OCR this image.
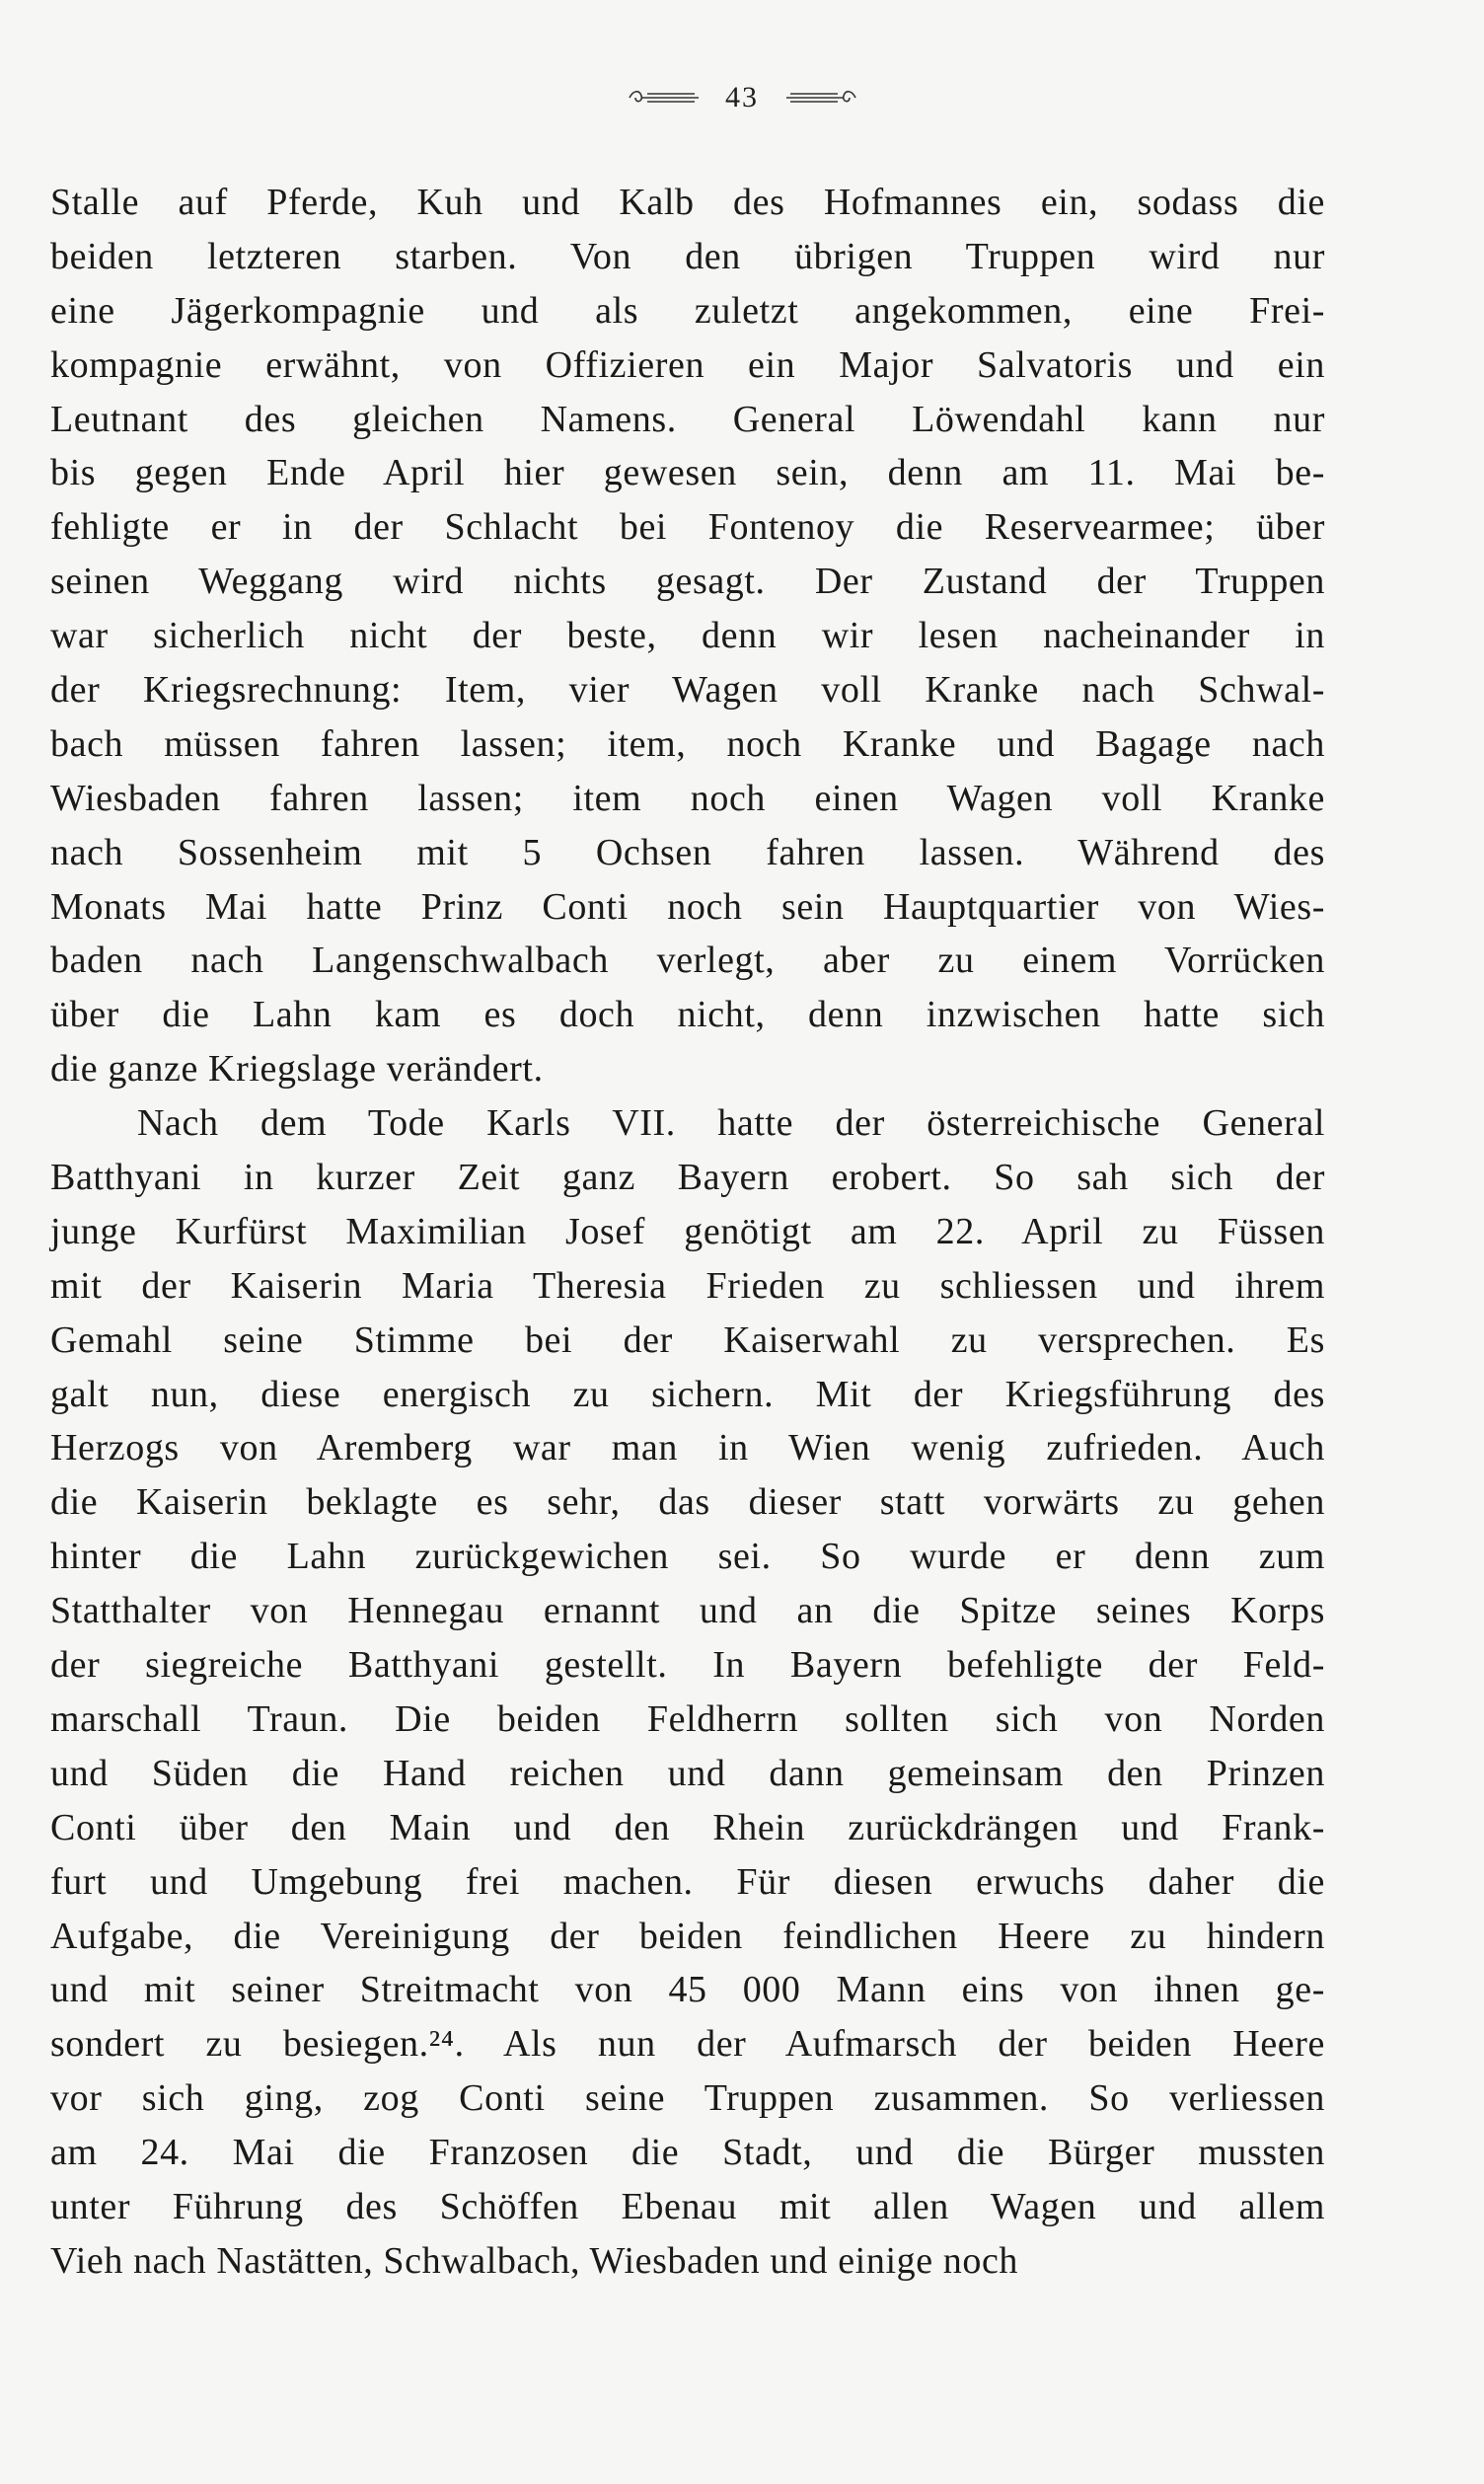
43
Stalle auf Pferde, Kuh und Kalb des Hofmannes ein, sodass die
beiden letzteren starben. Von den übrigen Truppen wird nur
eine Jägerkompagnie und als zuletzt angekommen, eine Frei-
kompagnie erwähnt, von Offizieren ein Major Salvatoris und ein
Leutnant des gleichen Namens. General Löwendahl kann nur
bis gegen Ende April hier gewesen sein, denn am 11. Mai be-
fehligte er in der Schlacht bei Fontenoy die Reservearmee; über
seinen Weggang wird nichts gesagt. Der Zustand der Truppen
war sicherlich nicht der beste, denn wir lesen nacheinander in
der Kriegsrechnung: Item, vier Wagen voll Kranke nach Schwal-
bach müssen fahren lassen; item, noch Kranke und Bagage nach
Wiesbaden fahren lassen; item noch einen Wagen voll Kranke
nach Sossenheim mit 5 Ochsen fahren lassen. Während des
Monats Mai hatte Prinz Conti noch sein Hauptquartier von Wies-
baden nach Langenschwalbach verlegt, aber zu einem Vorrücken
über die Lahn kam es doch nicht, denn inzwischen hatte sich
die ganze Kriegslage verändert.
Nach dem Tode Karls VII. hatte der österreichische General
Batthyani in kurzer Zeit ganz Bayern erobert. So sah sich der
junge Kurfürst Maximilian Josef genötigt am 22. April zu Füssen
mit der Kaiserin Maria Theresia Frieden zu schliessen und ihrem
Gemahl seine Stimme bei der Kaiserwahl zu versprechen. Es
galt nun, diese energisch zu sichern. Mit der Kriegsführung des
Herzogs von Aremberg war man in Wien wenig zufrieden. Auch
die Kaiserin beklagte es sehr, das dieser statt vorwärts zu gehen
hinter die Lahn zurückgewichen sei. So wurde er denn zum
Statthalter von Hennegau ernannt und an die Spitze seines Korps
der siegreiche Batthyani gestellt. In Bayern befehligte der Feld-
marschall Traun. Die beiden Feldherrn sollten sich von Norden
und Süden die Hand reichen und dann gemeinsam den Prinzen
Conti über den Main und den Rhein zurückdrängen und Frank-
furt und Umgebung frei machen. Für diesen erwuchs daher die
Aufgabe, die Vereinigung der beiden feindlichen Heere zu hindern
und mit seiner Streitmacht von 45 000 Mann eins von ihnen ge-
sondert zu besiegen.²⁴. Als nun der Aufmarsch der beiden Heere
vor sich ging, zog Conti seine Truppen zusammen. So verliessen
am 24. Mai die Franzosen die Stadt, und die Bürger mussten
unter Führung des Schöffen Ebenau mit allen Wagen und allem
Vieh nach Nastätten, Schwalbach, Wiesbaden und einige noch
